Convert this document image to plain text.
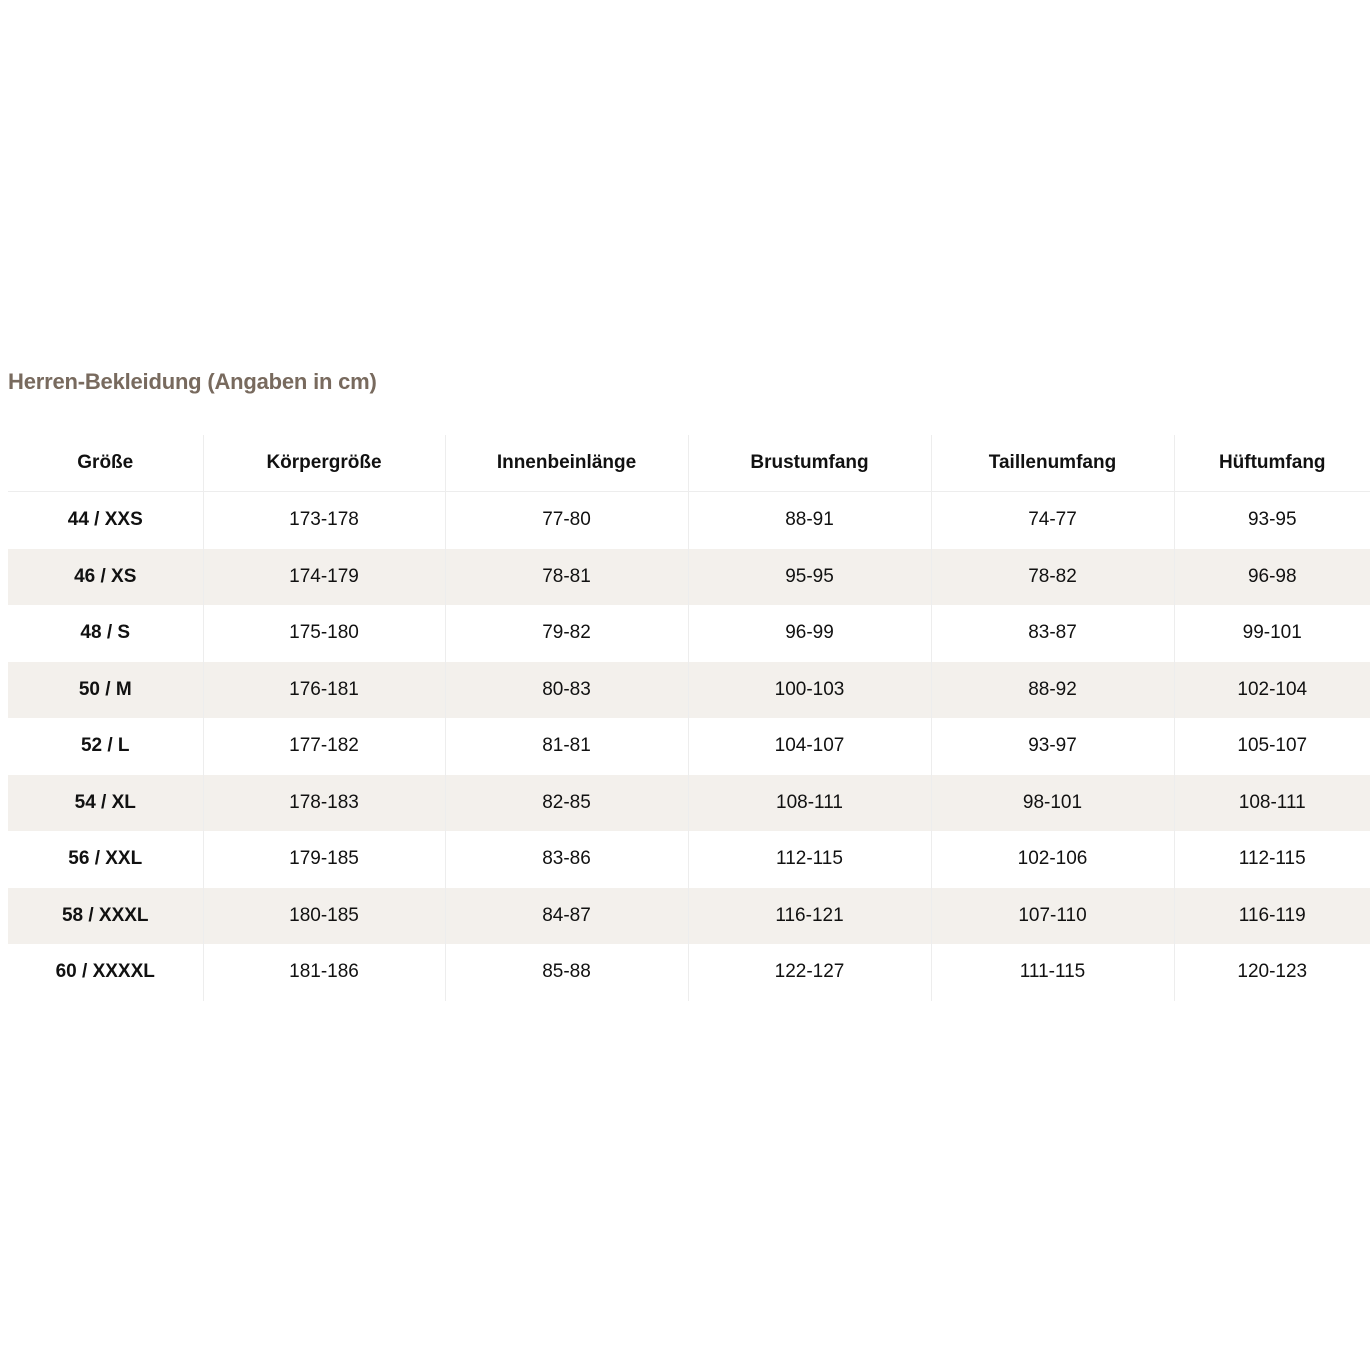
Herren-Bekleidung (Angaben in cm)
Größe	Körpergröße	Innenbeinlänge	Brustumfang	Taillenumfang	Hüftumfang
44 / XXS	173-178	77-80	88-91	74-77	93-95
46 / XS	174-179	78-81	95-95	78-82	96-98
48 / S	175-180	79-82	96-99	83-87	99-101
50 / M	176-181	80-83	100-103	88-92	102-104
52 / L	177-182	81-81	104-107	93-97	105-107
54 / XL	178-183	82-85	108-111	98-101	108-111
56 / XXL	179-185	83-86	112-115	102-106	112-115
58 / XXXL	180-185	84-87	116-121	107-110	116-119
60 / XXXXL	181-186	85-88	122-127	111-115	120-123
